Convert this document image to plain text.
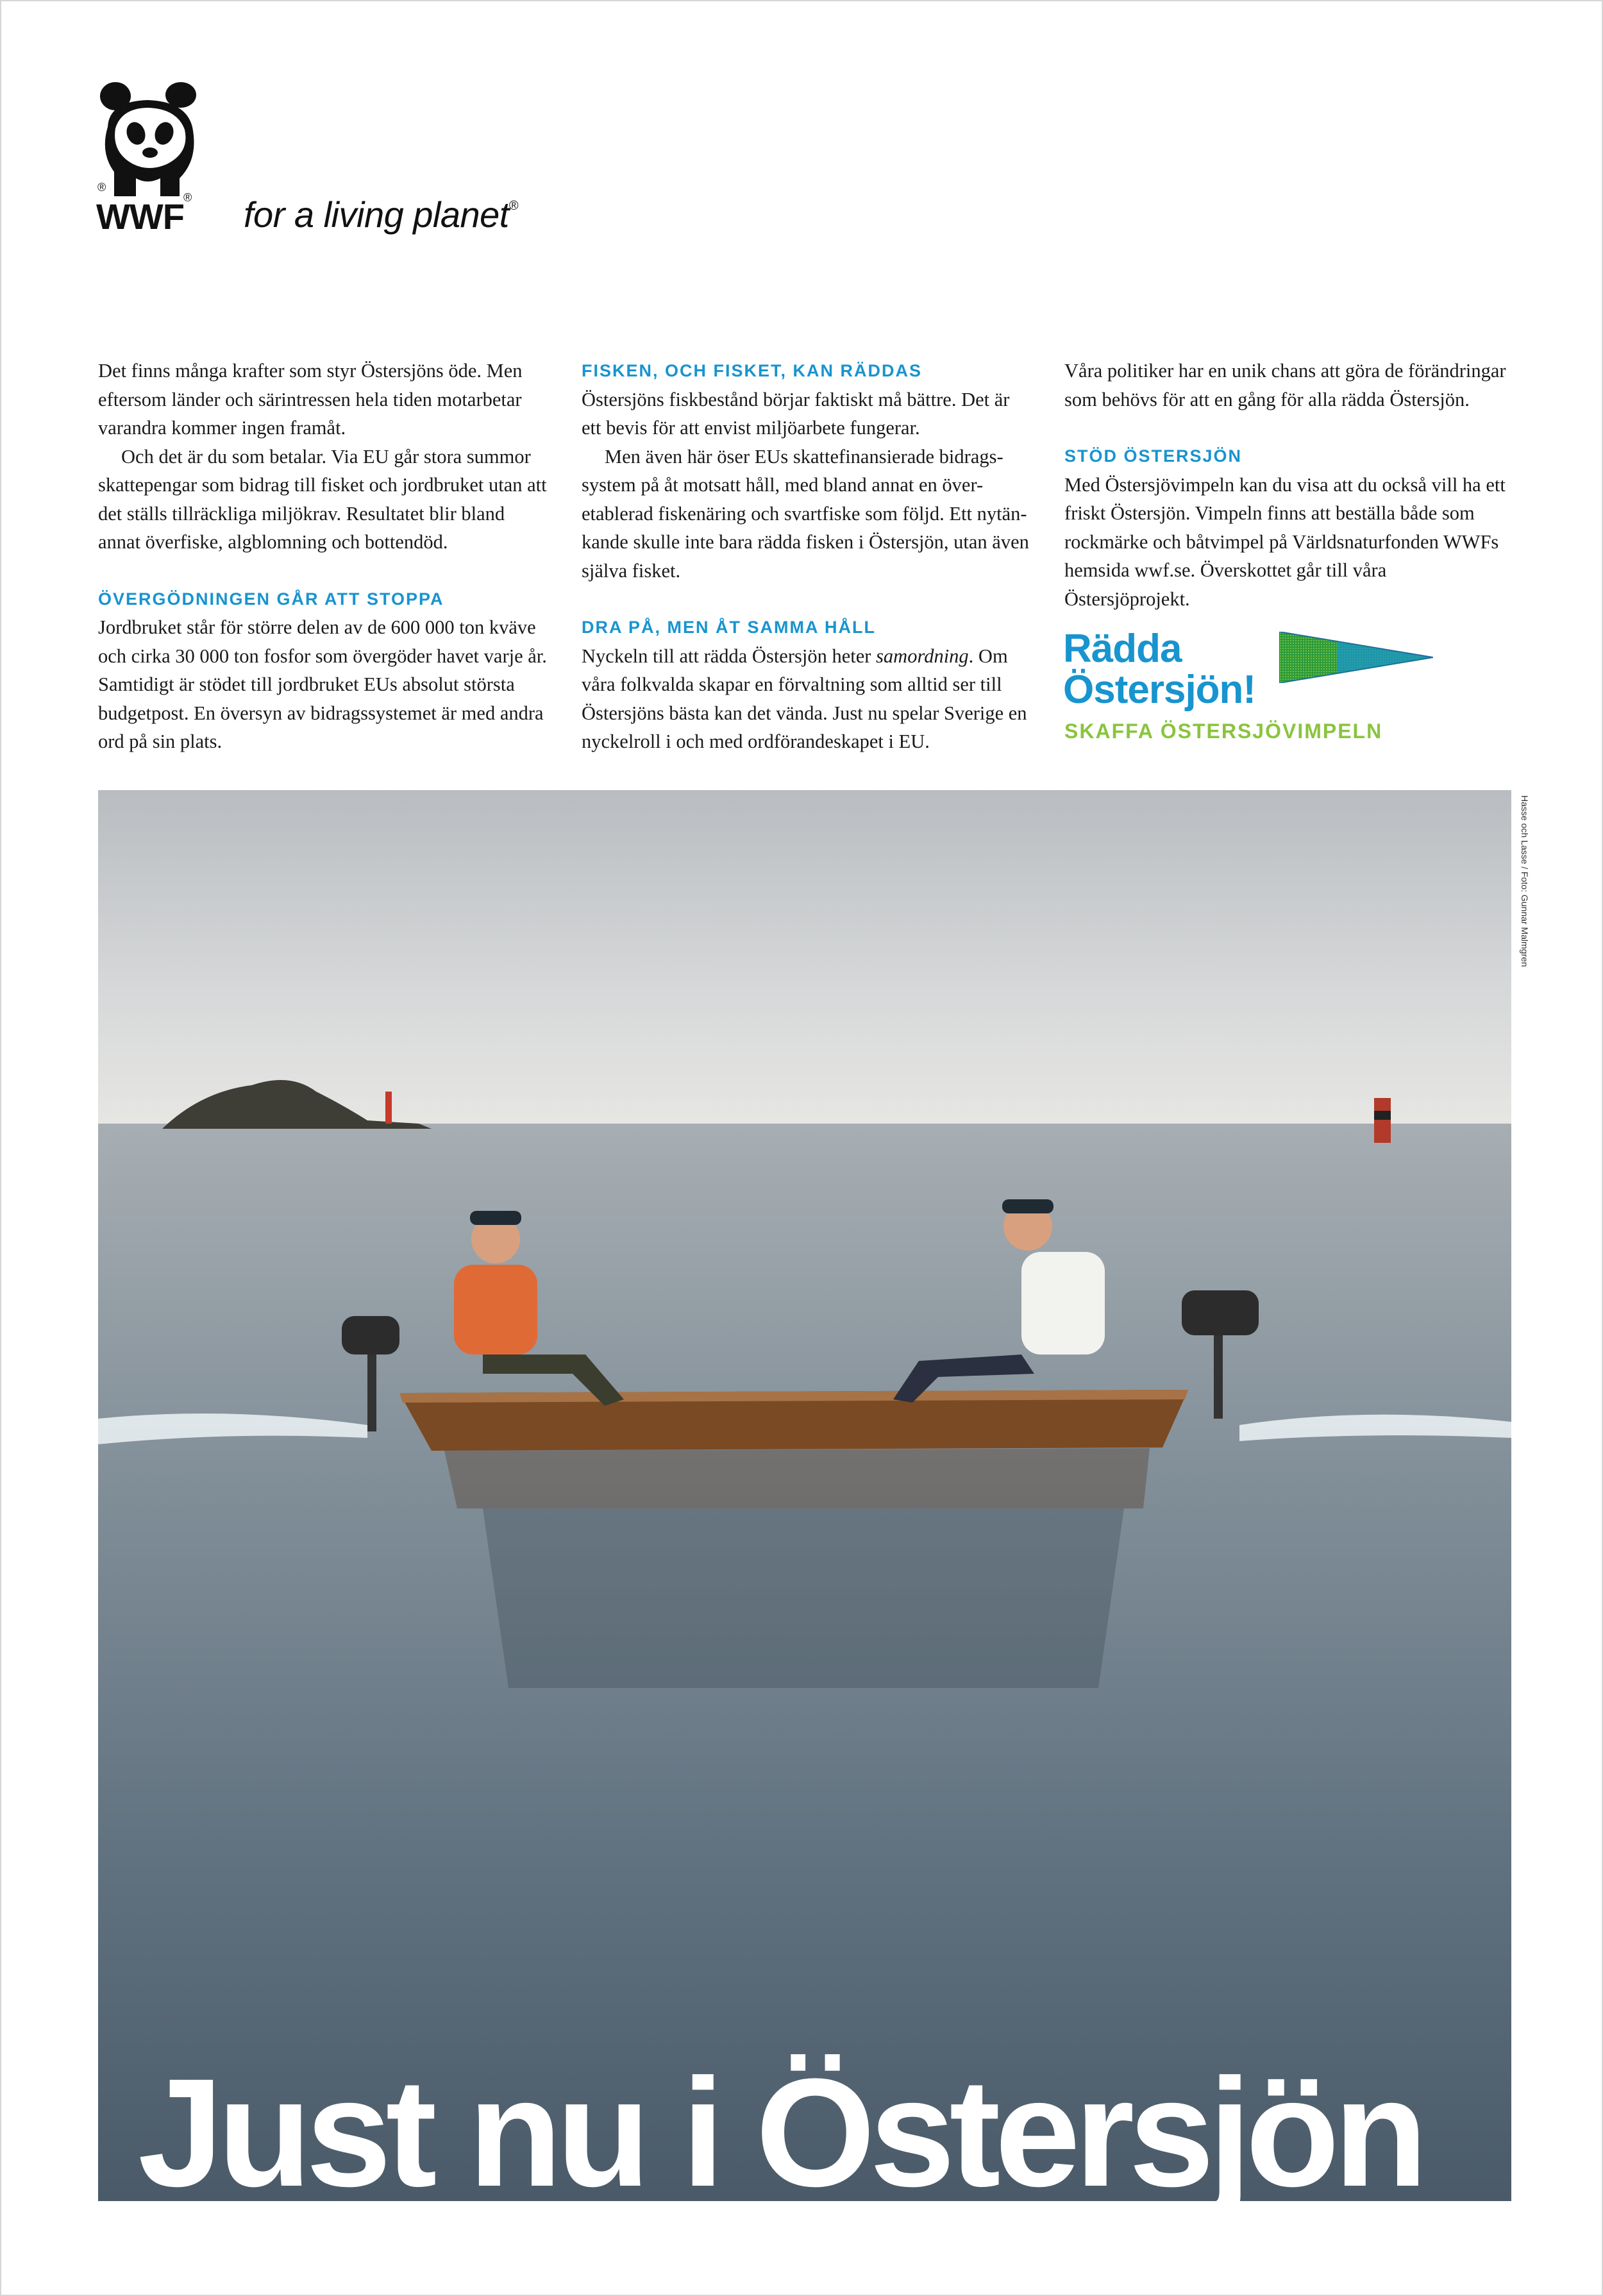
®
®
WWF for a living planet®

Det finns många krafter som styr Östersjöns öde. Men eftersom länder och särintressen hela tiden motarbetar varandra kommer ingen framåt.

Och det är du som betalar. Via EU går stora summor skattepengar som bidrag till fisket och jordbruket utan att det ställs tillräckliga miljökrav. Resultatet blir bland annat överfiske, algblomning och bottendöd.

ÖVERGÖDNINGEN GÅR ATT STOPPA

Jordbruket står för större delen av de 600 000 ton kväve och cirka 30 000 ton fosfor som övergöder havet varje år. Samtidigt är stödet till jordbruket EUs absolut största budgetpost. En översyn av bidragssystemet är med andra ord på sin plats.

FISKEN, OCH FISKET, KAN RÄDDAS

Östersjöns fiskbestånd börjar faktiskt må bättre. Det är ett bevis för att envist miljöarbete fungerar.

Men även här öser EUs skattefinansierade bidrags- system på åt motsatt håll, med bland annat en över- etablerad fiskenäring och svartfiske som följd. Ett nytän- kande skulle inte bara rädda fisken i Östersjön, utan även själva fisket.

DRA PÅ, MEN ÅT SAMMA HÅLL

Nyckeln till att rädda Östersjön heter samordning. Om våra folkvalda skapar en förvaltning som alltid ser till Östersjöns bästa kan det vända. Just nu spelar Sverige en nyckelroll i och med ordförandeskapet i EU.

Våra politiker har en unik chans att göra de förändringar som behövs för att en gång för alla rädda Östersjön.

STÖD ÖSTERSJÖN

Med Östersjövimpeln kan du visa att du också vill ha ett friskt Östersjön. Vimpeln finns att beställa både som rockmärke och båtvimpel på Världsnaturfonden WWFs hemsida wwf.se. Överskottet går till våra Östersjöprojekt.

Rädda
Östersjön!
SKAFFA ÖSTERSJÖVIMPELN
Hasse och Lasse / Foto: Gunnar Malmgren
Just nu i Östersjön
